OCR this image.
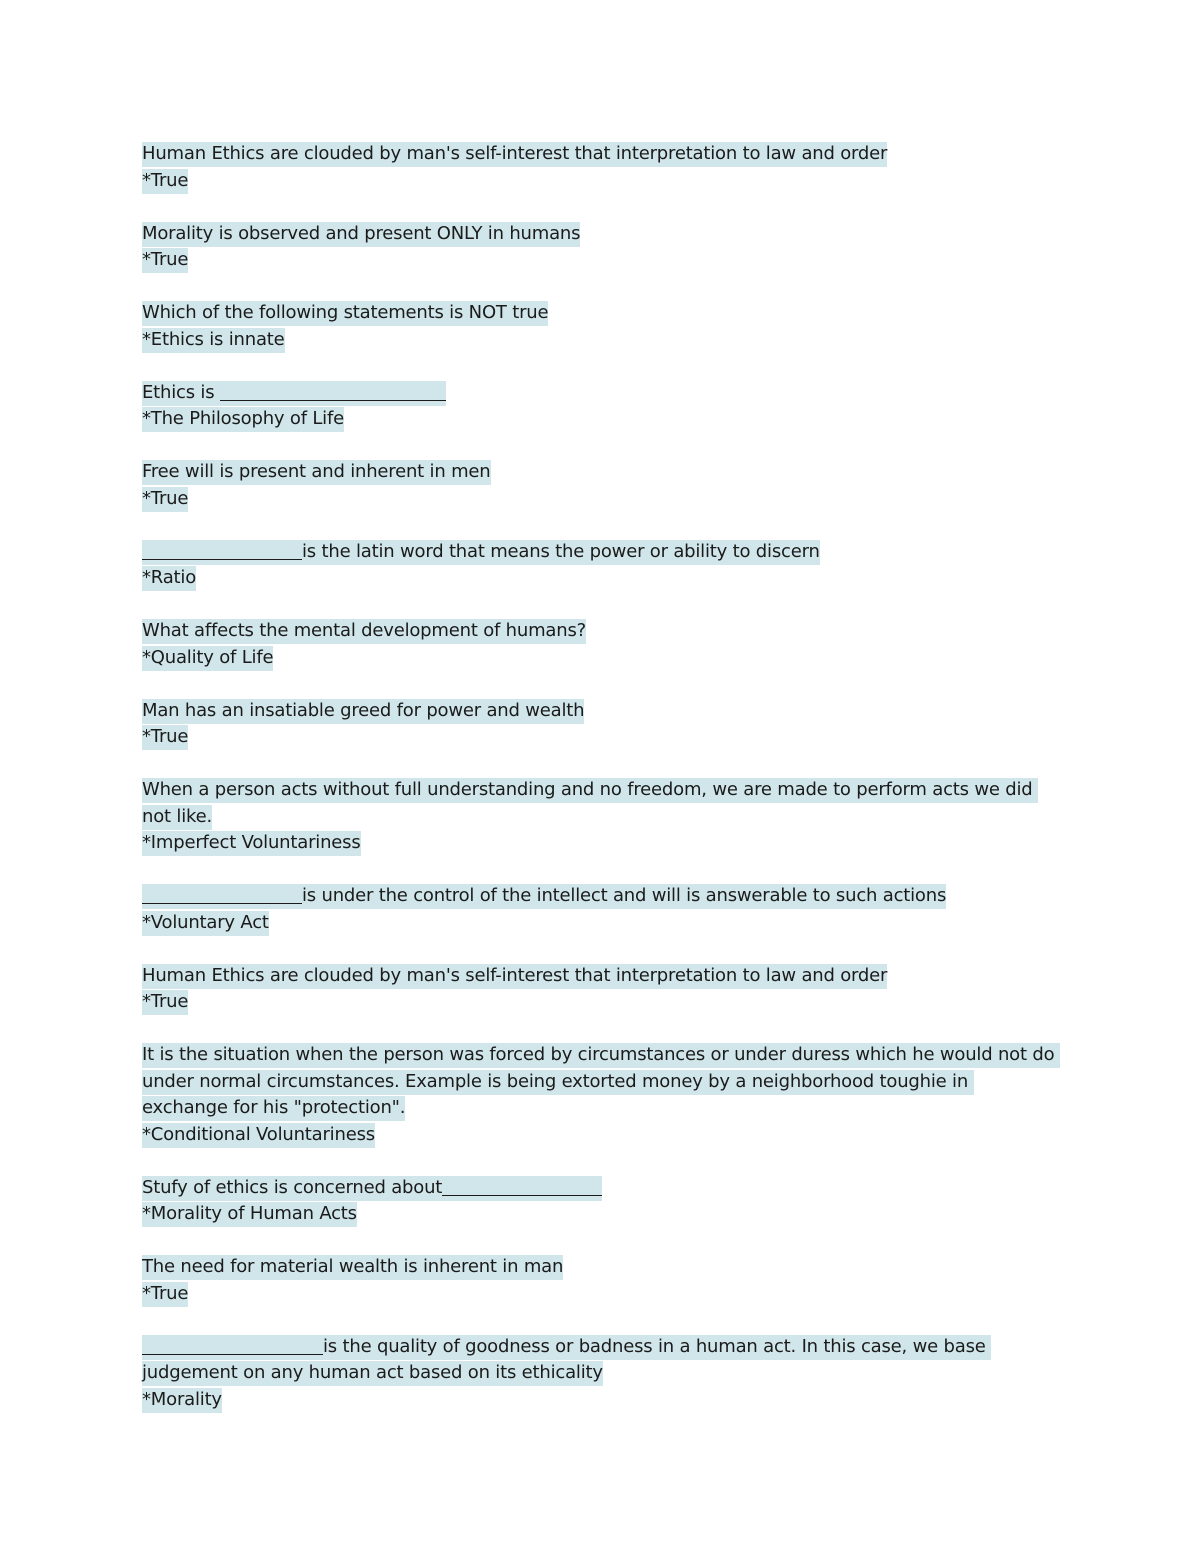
Human Ethics are clouded by man's self-interest that interpretation to law and order
*True
Morality is observed and present ONLY in humans
*True
Which of the following statements is NOT true
*Ethics is innate
Ethics is
*The Philosophy of Life
Free will is present and inherent in men
*True
is the latin word that means the power or ability to discern
*Ratio
What affects the mental development of humans?
*Quality of Life
Man has an insatiable greed for power and wealth
*True
When a person acts without full understanding and no freedom, we are made to perform acts we did not like.
*Imperfect Voluntariness
is under the control of the intellect and will is answerable to such actions
*Voluntary Act
Human Ethics are clouded by man's self-interest that interpretation to law and order
*True
It is the situation when the person was forced by circumstances or under duress which he would not do under normal circumstances. Example is being extorted money by a neighborhood toughie in exchange for his "protection".
*Conditional Voluntariness
Stufy of ethics is concerned about
*Morality of Human Acts
The need for material wealth is inherent in man
*True
is the quality of goodness or badness in a human act. In this case, we base judgement on any human act based on its ethicality
*Morality
